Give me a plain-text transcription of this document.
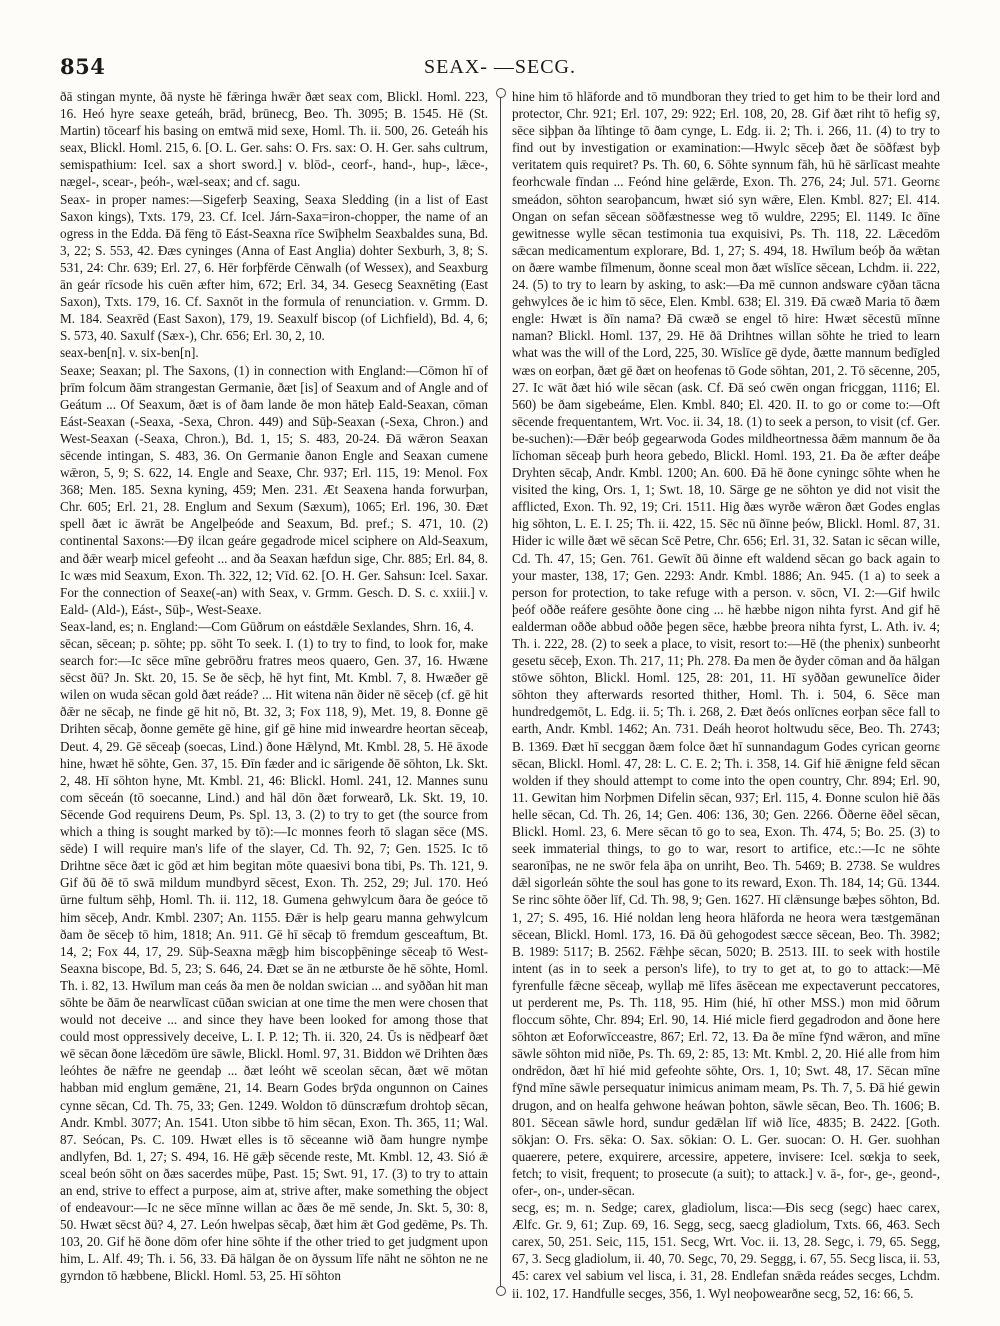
854	SEAX- —SECG.

ðā stingan mynte, ðā nyste hē fǣringa hwǣr ðæt seax com, Blickl. Homl. 223, 16. Heó hyre seaxe geteáh, brād, brūnecg, Beo. Th. 3095; B. 1545. Hē (St. Martin) tōcearf his basing on emtwā mid sexe, Homl. Th. ii. 500, 26. Geteáh his seax, Blickl. Homl. 215, 6. [O. L. Ger. sahs: O. Frs. sax: O. H. Ger. sahs cultrum, semispathium: Icel. sax a short sword.] v. blōd-, ceorf-, hand-, hup-, lǣce-, nægel-, scear-, þeóh-, wæl-seax; and cf. sagu.

Seax- in proper names:—Sigeferþ Seaxing, Seaxa Sledding (in a list of East Saxon kings), Txts. 179, 23. Cf. Icel. Járn-Saxa=iron-chopper, the name of an ogress in the Edda. Ðā fēng tō Eást-Seaxna rīce Swīþhelm Seaxbaldes suna, Bd. 3, 22; S. 553, 42. Ðæs cyninges (Anna of East Anglia) dohter Sexburh, 3, 8; S. 531, 24: Chr. 639; Erl. 27, 6. Hēr forþfērde Cēnwalh (of Wessex), and Seaxburg ān geár rīcsode his cuēn æfter him, 672; Erl. 34, 34. Gesecg Seaxnēting (East Saxon), Txts. 179, 16. Cf. Saxnōt in the formula of renunciation. v. Grmm. D. M. 184. Seaxrēd (East Saxon), 179, 19. Seaxulf biscop (of Lichfield), Bd. 4, 6; S. 573, 40. Saxulf (Sæx-), Chr. 656; Erl. 30, 2, 10.

seax-ben[n]. v. six-ben[n].

Seaxe; Seaxan; pl. The Saxons, (1) in connection with England:—Cōmon hī of þrīm folcum ðām strangestan Germanie, ðæt [is] of Seaxum and of Angle and of Geátum ... Of Seaxum, ðæt is of ðam lande ðe mon hāteþ Eald-Seaxan, cōman Eást-Seaxan (-Seaxa, -Sexa, Chron. 449) and Sūþ-Seaxan (-Sexa, Chron.) and West-Seaxan (-Seaxa, Chron.), Bd. 1, 15; S. 483, 20-24. Ðā wǣron Seaxan sēcende intingan, S. 483, 36. On Germanie ðanon Engle and Seaxan cumene wǣron, 5, 9; S. 622, 14. Engle and Seaxe, Chr. 937; Erl. 115, 19: Menol. Fox 368; Men. 185. Sexna kyning, 459; Men. 231. Æt Seaxena handa forwurþan, Chr. 605; Erl. 21, 28. Englum and Sexum (Sæxum), 1065; Erl. 196, 30. Ðæt spell ðæt ic āwrāt be Angelþeóde and Seaxum, Bd. pref.; S. 471, 10. (2) continental Saxons:—Ðȳ ilcan geáre gegadrode micel sciphere on Ald-Seaxum, and ðǣr wearþ micel gefeoht ... and ða Seaxan hæfdun sige, Chr. 885; Erl. 84, 8. Ic wæs mid Seaxum, Exon. Th. 322, 12; Vīd. 62. [O. H. Ger. Sahsun: Icel. Saxar. For the connection of Seaxe(-an) with Seax, v. Grmm. Gesch. D. S. c. xxiii.] v. Eald- (Ald-), Eást-, Sūþ-, West-Seaxe.

Seax-land, es; n. England:—Com Gūðrum on eástdǣle Sexlandes, Shrn. 16, 4.

sēcan, sēcean; p. sōhte; pp. sōht To seek. I. (1) to try to find, to look for, make search for:—Ic sēce mīne gebrōðru fratres meos quaero, Gen. 37, 16. Hwæne sēcst ðū? Jn. Skt. 20, 15. Se ðe sēcþ, hē hyt fint, Mt. Kmbl. 7, 8. Hwæðer gē wilen on wuda sēcan gold ðæt reáde? ... Hit witena nān ðider nē sēceþ (cf. gē hit ðǣr ne sēcaþ, ne finde gē hit nō, Bt. 32, 3; Fox 118, 9), Met. 19, 8. Ðonne gē Drihten sēcaþ, ðonne gemēte gē hine, gif gē hine mid inweardre heortan sēceaþ, Deut. 4, 29. Gē sēceaþ (soecas, Lind.) ðone Hǣlynd, Mt. Kmbl. 28, 5. Hē āxode hine, hwæt hē sōhte, Gen. 37, 15. Ðīn fæder and ic sārigende ðē sōhton, Lk. Skt. 2, 48. Hī sōhton hyne, Mt. Kmbl. 21, 46: Blickl. Homl. 241, 12. Mannes sunu com sēceán (tō soecanne, Lind.) and hāl dōn ðæt forwearð, Lk. Skt. 19, 10. Sēcende God requirens Deum, Ps. Spl. 13, 3. (2) to try to get (the source from which a thing is sought marked by tō):—Ic monnes feorh tō slagan sēce (MS. sēde) I will require man's life of the slayer, Cd. Th. 92, 7; Gen. 1525. Ic tō Drihtne sēce ðæt ic gōd æt him begitan mōte quaesivi bona tibi, Ps. Th. 121, 9. Gif ðū ðē tō swā mildum mundbyrd sēcest, Exon. Th. 252, 29; Jul. 170. Heó ūrne fultum sēhþ, Homl. Th. ii. 112, 18. Gumena gehwylcum ðara ðe geóce tō him sēceþ, Andr. Kmbl. 2307; An. 1155. Ðǣr is help gearu manna gehwylcum ðam ðe sēceþ tō him, 1818; An. 911. Gē hī sēcaþ tō fremdum gesceaftum, Bt. 14, 2; Fox 44, 17, 29. Sūþ-Seaxna mǣgþ him biscopþēninge sēceaþ tō West-Seaxna biscope, Bd. 5, 23; S. 646, 24. Ðæt se ān ne ætburste ðe hē sōhte, Homl. Th. i. 82, 13. Hwīlum man ceás ða men ðe noldan swician ... and syððan hit man sōhte be ðām ðe nearwlīcast cūðan swician at one time the men were chosen that would not deceive ... and since they have been looked for among those that could most oppressively deceive, L. I. P. 12; Th. ii. 320, 24. Ūs is nēdþearf ðæt wē sēcan ðone lǣcedōm ūre sāwle, Blickl. Homl. 97, 31. Biddon wē Drihten ðæs leóhtes ðe nǣfre ne geendaþ ... ðæt leóht wē sceolan sēcan, ðæt wē mōtan habban mid englum gemǣne, 21, 14. Bearn Godes brȳda ongunnon on Caines cynne sēcan, Cd. Th. 75, 33; Gen. 1249. Woldon tō dūnscræfum drohtoþ sēcan, Andr. Kmbl. 3077; An. 1541. Uton sibbe tō him sēcan, Exon. Th. 365, 11; Wal. 87. Seócan, Ps. C. 109. Hwæt elles is tō sēceanne wið ðam hungre nymþe andlyfen, Bd. 1, 27; S. 494, 16. Hē gǣþ sēcende reste, Mt. Kmbl. 12, 43. Sió ǣ sceal beón sōht on ðæs sacerdes mūþe, Past. 15; Swt. 91, 17. (3) to try to attain an end, strive to effect a purpose, aim at, strive after, make something the object of endeavour:—Ic ne sēce mīnne willan ac ðæs ðe mē sende, Jn. Skt. 5, 30: 8, 50. Hwæt sēcst ðū? 4, 27. León hwelpas sēcaþ, ðæt him ǣt God gedēme, Ps. Th. 103, 20. Gif hē ðone dōm ofer hine sōhte if the other tried to get judgment upon him, L. Alf. 49; Th. i. 56, 33. Ðā hālgan ðe on ðyssum līfe nāht ne sōhton ne ne gyrndon tō hæbbene, Blickl. Homl. 53, 25. Hī sōhton

hine him tō hlāforde and tō mundboran they tried to get him to be their lord and protector, Chr. 921; Erl. 107, 29: 922; Erl. 108, 20, 28. Gif ðæt riht tō hefig sȳ, sēce siþþan ða līhtinge tō ðam cynge, L. Edg. ii. 2; Th. i. 266, 11. (4) to try to find out by investigation or examination:—Hwylc sēceþ ðæt ðe sōðfæst byþ veritatem quis requiret? Ps. Th. 60, 6. Sōhte synnum fāh, hū hē sārlīcast meahte feorhcwale fīndan ... Feónd hine gelǣrde, Exon. Th. 276, 24; Jul. 571. Geornε smeádon, sōhton searoþancum, hwæt sió syn wǣre, Elen. Kmbl. 827; El. 414. Ongan on sefan sēcean sōðfæstnesse weg tō wuldre, 2295; El. 1149. Ic ðīne gewitnesse wylle sēcan testimonia tua exquisivi, Ps. Th. 118, 22. Lǣcedōm sǣcan medicamentum explorare, Bd. 1, 27; S. 494, 18. Hwīlum beóþ ða wǣtan on ðære wambe fīlmenum, ðonne sceal mon ðæt wīslīce sēcean, Lchdm. ii. 222, 24. (5) to try to learn by asking, to ask:—Ða mē cunnon andsware cȳðan tācna gehwylces ðe ic him tō sēce, Elen. Kmbl. 638; El. 319. Ðā cwæð Maria tō ðæm engle: Hwæt is ðīn nama? Ðā cwæð se engel tō hire: Hwæt sēcestū mīnne naman? Blickl. Homl. 137, 29. Hē ðā Drihtnes willan sōhte he tried to learn what was the will of the Lord, 225, 30. Wīslīce gē dyde, ðætte mannum bedīgled wæs on eorþan, ðæt gē ðæt on heofenas tō Gode sōhtan, 201, 2. Tō sēcenne, 205, 27. Ic wāt ðæt hió wile sēcan (ask. Cf. Ðā seó cwēn ongan fricggan, 1116; El. 560) be ðam sigebeáme, Elen. Kmbl. 840; El. 420. II. to go or come to:—Oft sēcende frequentantem, Wrt. Voc. ii. 34, 18. (1) to seek a person, to visit (cf. Ger. be-suchen):—Ðǣr beóþ gegearwoda Godes mildheortnessa ðǣm mannum ðe ða līchoman sēceaþ þurh heora gebedo, Blickl. Homl. 193, 21. Ða ðe æfter deáþe Dryhten sēcaþ, Andr. Kmbl. 1200; An. 600. Ðā hē ðone cyningc sōhte when he visited the king, Ors. 1, 1; Swt. 18, 10. Sārge ge ne sōhton ye did not visit the afflicted, Exon. Th. 92, 19; Cri. 1511. Hig ðæs wyrðe wǣron ðæt Godes englas hig sōhton, L. E. I. 25; Th. ii. 422, 15. Sēc nū ðīnne þeów, Blickl. Homl. 87, 31. Hider ic wille ðæt wē sēcan Scē Petre, Chr. 656; Erl. 31, 32. Satan ic sēcan wille, Cd. Th. 47, 15; Gen. 761. Gewīt ðū ðinne eft waldend sēcan go back again to your master, 138, 17; Gen. 2293: Andr. Kmbl. 1886; An. 945. (1 a) to seek a person for protection, to take refuge with a person. v. sōcn, VI. 2:—Gif hwilc þeóf oððe reáfere gesōhte ðone cing ... hē hæbbe nigon nihta fyrst. And gif hē ealderman oððe abbud oððe þegen sēce, hæbbe þreora nihta fyrst, L. Ath. iv. 4; Th. i. 222, 28. (2) to seek a place, to visit, resort to:—Hē (the phenix) sunbeorht gesetu sēceþ, Exon. Th. 217, 11; Ph. 278. Ða men ðe ðyder cōman and ða hālgan stōwe sōhton, Blickl. Homl. 125, 28: 201, 11. Hī syððan gewunelīce ðider sōhton they afterwards resorted thither, Homl. Th. i. 504, 6. Sēce man hundredgemōt, L. Edg. ii. 5; Th. i. 268, 2. Ðæt ðeós onlīcnes eorþan sēce fall to earth, Andr. Kmbl. 1462; An. 731. Deáh heorot holtwudu sēce, Beo. Th. 2743; B. 1369. Ðæt hī secggan ðæm folce ðæt hī sunnandagum Godes cyrican geornε sēcan, Blickl. Homl. 47, 28: L. C. E. 2; Th. i. 358, 14. Gif hiē ǣnigne feld sēcan wolden if they should attempt to come into the open country, Chr. 894; Erl. 90, 11. Gewitan him Norþmen Difelin sēcan, 937; Erl. 115, 4. Ðonne sculon hiē ðās helle sēcan, Cd. Th. 26, 14; Gen. 406: 136, 30; Gen. 2266. Ōðerne ēðel sēcan, Blickl. Homl. 23, 6. Mere sēcan tō go to sea, Exon. Th. 474, 5; Bo. 25. (3) to seek immaterial things, to go to war, resort to artifice, etc.:—Ic ne sōhte searonīþas, ne ne swōr fela āþa on unriht, Beo. Th. 5469; B. 2738. Se wuldres dǣl sigorleán sōhte the soul has gone to its reward, Exon. Th. 184, 14; Gū. 1344. Se rinc sōhte ōðer līf, Cd. Th. 98, 9; Gen. 1627. Hī clǣnsunge bæþes sōhton, Bd. 1, 27; S. 495, 16. Hié noldan leng heora hlāforda ne heora wera tæstgemānan sēcean, Blickl. Homl. 173, 16. Ðā ðū gehogodest sæcce sēcean, Beo. Th. 3982; B. 1989: 5117; B. 2562. Fǣhþe sēcan, 5020; B. 2513. III. to seek with hostile intent (as in to seek a person's life), to try to get at, to go to attack:—Mē fyrenfulle fǣcne sēceaþ, wyllaþ mē līfes āsēcean me expectaverunt peccatores, ut perderent me, Ps. Th. 118, 95. Him (hié, hī other MSS.) mon mid ōðrum floccum sōhte, Chr. 894; Erl. 90, 14. Hié micle fierd gegadrodon and ðone here sōhton æt Eoforwīcceastre, 867; Erl. 72, 13. Ða ðe mīne fȳnd wǣron, and mīne sāwle sōhton mid nīðe, Ps. Th. 69, 2: 85, 13: Mt. Kmbl. 2, 20. Hié alle from him ondrēdon, ðæt hī hié mid gefeohte sōhte, Ors. 1, 10; Swt. 48, 17. Sēcan mīne fȳnd mīne sāwle persequatur inimicus animam meam, Ps. Th. 7, 5. Ðā hié gewin drugon, and on healfa gehwone heáwan þohton, sāwle sēcan, Beo. Th. 1606; B. 801. Sēcean sāwle hord, sundur gedǣlan līf wið līce, 4835; B. 2422. [Goth. sōkjan: O. Frs. sēka: O. Sax. sōkian: O. L. Ger. suocan: O. H. Ger. suohhan quaerere, petere, exquirere, arcessire, appetere, invisere: Icel. sœkja to seek, fetch; to visit, frequent; to prosecute (a suit); to attack.] v. ā-, for-, ge-, geond-, ofer-, on-, under-sēcan.

secg, es; m. n. Sedge; carex, gladiolum, lisca:—Ðis secg (segc) haec carex, Ælfc. Gr. 9, 61; Zup. 69, 16. Segg, secg, saecg gladiolum, Txts. 66, 463. Sech carex, 50, 251. Seic, 115, 151. Secg, Wrt. Voc. ii. 13, 28. Segc, i. 79, 65. Segg, 67, 3. Secg gladiolum, ii. 40, 70. Segc, 70, 29. Seggg, i. 67, 55. Secg lisca, ii. 53, 45: carex vel sabium vel lisca, i. 31, 28. Endlefan snǣda reádes secges, Lchdm. ii. 102, 17. Handfulle secges, 356, 1. Wyl neoþowearðne secg, 52, 16: 66, 5.
